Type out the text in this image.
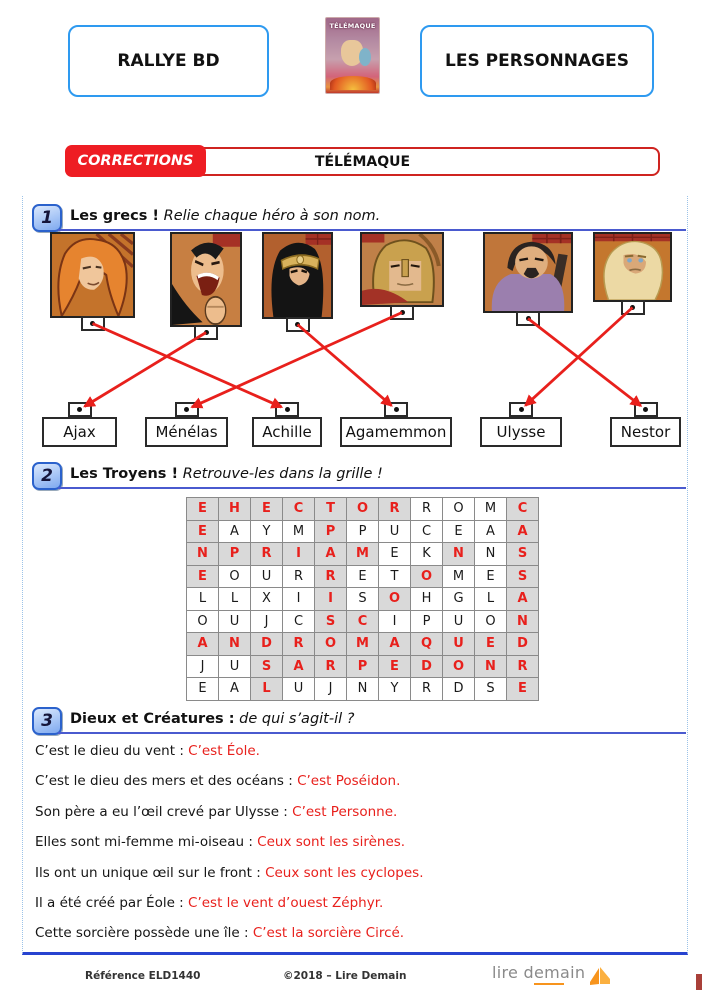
RALLYE BD
TÉLÉMAQUE
LES PERSONNAGES
TÉLÉMAQUE
CORRECTIONS
1 Les grecs ! Relie chaque héro à son nom.
Ajax	Ménélas	Achille	Agamemmon	Ulysse	Nestor
2 Les Troyens ! Retrouve-les dans la grille !
E	H	E	C	T	O	R	R	O	M	C
E	A	Y	M	P	P	U	C	E	A	A
N	P	R	I	A	M	E	K	N	N	S
E	O	U	R	R	E	T	O	M	E	S
L	L	X	I	I	S	O	H	G	L	A
O	U	J	C	S	C	I	P	U	O	N
A	N	D	R	O	M	A	Q	U	E	D
J	U	S	A	R	P	E	D	O	N	R
E	A	L	U	J	N	Y	R	D	S	E
3 Dieux et Créatures : de qui s’agit-il ?

C’est le dieu du vent : C’est Éole.

C’est le dieu des mers et des océans : C’est Poséidon.

Son père a eu l’œil crevé par Ulysse : C’est Personne.

Elles sont mi-femme mi-oiseau : Ceux sont les sirènes.

Ils ont un unique œil sur le front : Ceux sont les cyclopes.

Il a été créé par Éole : C’est le vent d’ouest Zéphyr.

Cette sorcière possède une île : C’est la sorcière Circé.

Référence ELD1440	©2018 – Lire Demain	lire demain
